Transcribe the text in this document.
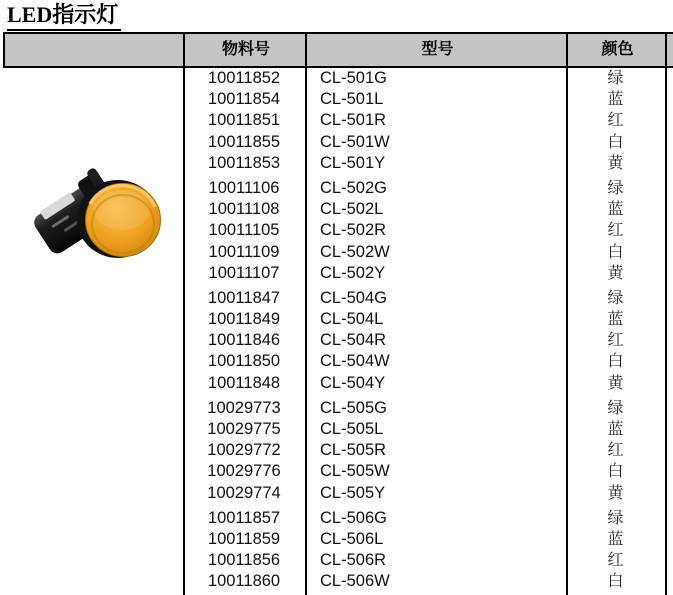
LED指示灯
物料号	型号	颜色
10011852	CL-501G	绿
10011854	CL-501L	蓝
10011851	CL-501R	红
10011855	CL-501W	白
10011853	CL-501Y	黄
10011106	CL-502G	绿
10011108	CL-502L	蓝
10011105	CL-502R	红
10011109	CL-502W	白
10011107	CL-502Y	黄
10011847	CL-504G	绿
10011849	CL-504L	蓝
10011846	CL-504R	红
10011850	CL-504W	白
10011848	CL-504Y	黄
10029773	CL-505G	绿
10029775	CL-505L	蓝
10029772	CL-505R	红
10029776	CL-505W	白
10029774	CL-505Y	黄
10011857	CL-506G	绿
10011859	CL-506L	蓝
10011856	CL-506R	红
10011860	CL-506W	白
